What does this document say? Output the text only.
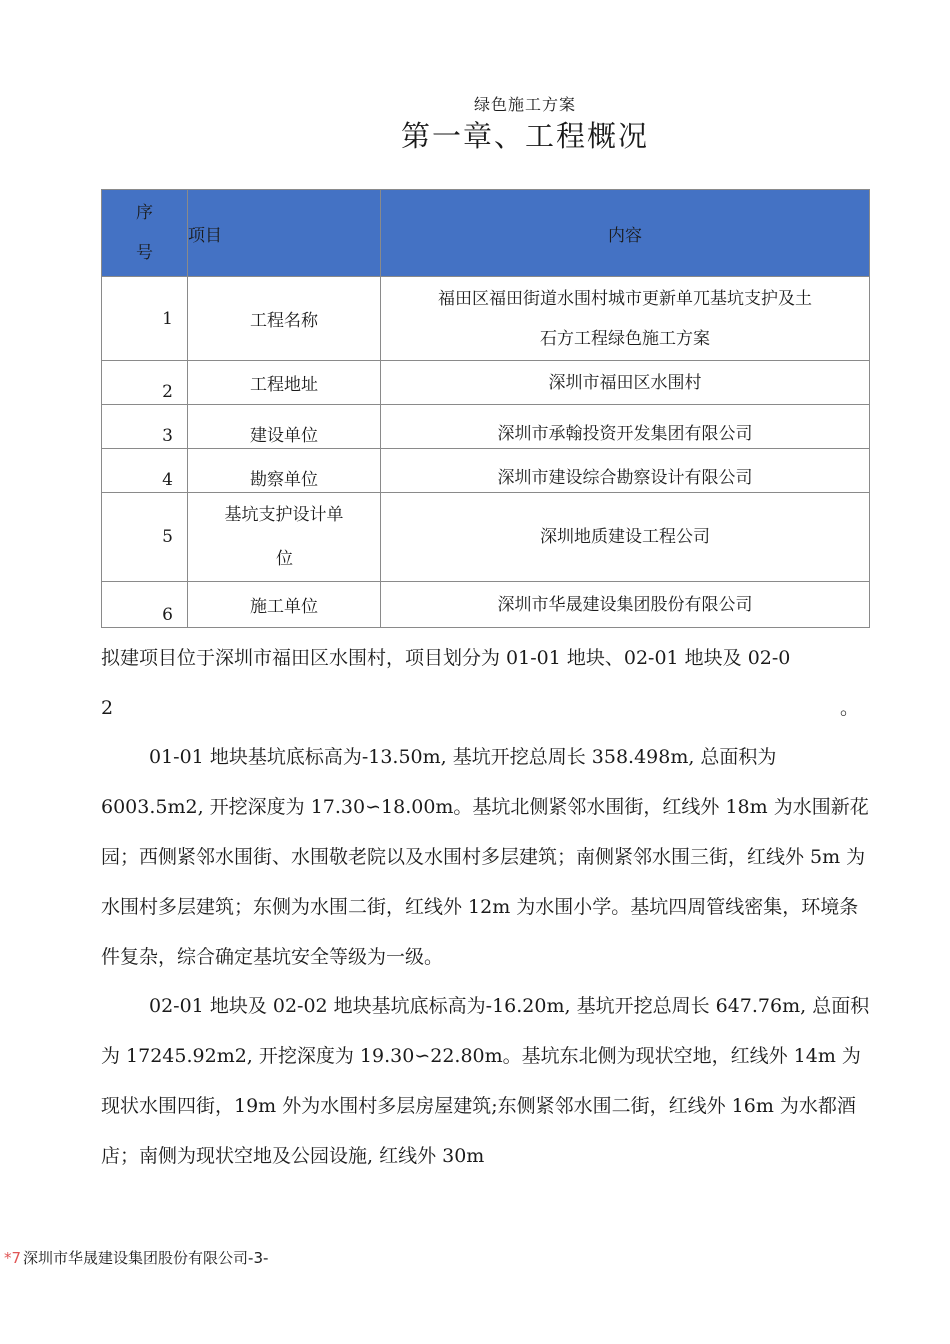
绿色施工方案
第一章、工程概况
序
号	项目	内容
1	工程名称	福田区福田街道水围村城市更新单兀基坑支护及土
石方工程绿色施工方案

2	工程地址	深圳市福田区水围村
3	建设单位	深圳市承翰投资开发集团有限公司
4	勘察单位	深圳市建设综合勘察设计有限公司
5	基坑支护设计单
位	深圳地质建设工程公司
6	施工单位	深圳市华晟建设集团股份有限公司
拟建项目位于深圳市福田区水围村，项目划分为 01-01 地块、02-01 地块及 02-0
2	。

01-01 地块基坑底标高为-13.50m, 基坑开挖总周长 358.498m, 总面积为 6003.5m2, 开挖深度为 17.30∽18.00m。基坑北侧紧邻水围街，红线外 18m 为水围新花园；西侧紧邻水围街、水围敬老院以及水围村多层建筑；南侧紧邻水围三街，红线外 5m 为水围村多层建筑；东侧为水围二街，红线外 12m 为水围小学。基坑四周管线密集，环境条件复杂，综合确定基坑安全等级为一级。

02-01 地块及 02-02 地块基坑底标高为-16.20m, 基坑开挖总周长 647.76m, 总面积为 17245.92m2, 开挖深度为 19.30∽22.80m。基坑东北侧为现状空地，红线外 14m 为现状水围四街，19m 外为水围村多层房屋建筑;东侧紧邻水围二街，红线外 16m 为水都酒店；南侧为现状空地及公园设施, 红线外 30m

*7 深圳市华晟建设集团股份有限公司-3-
